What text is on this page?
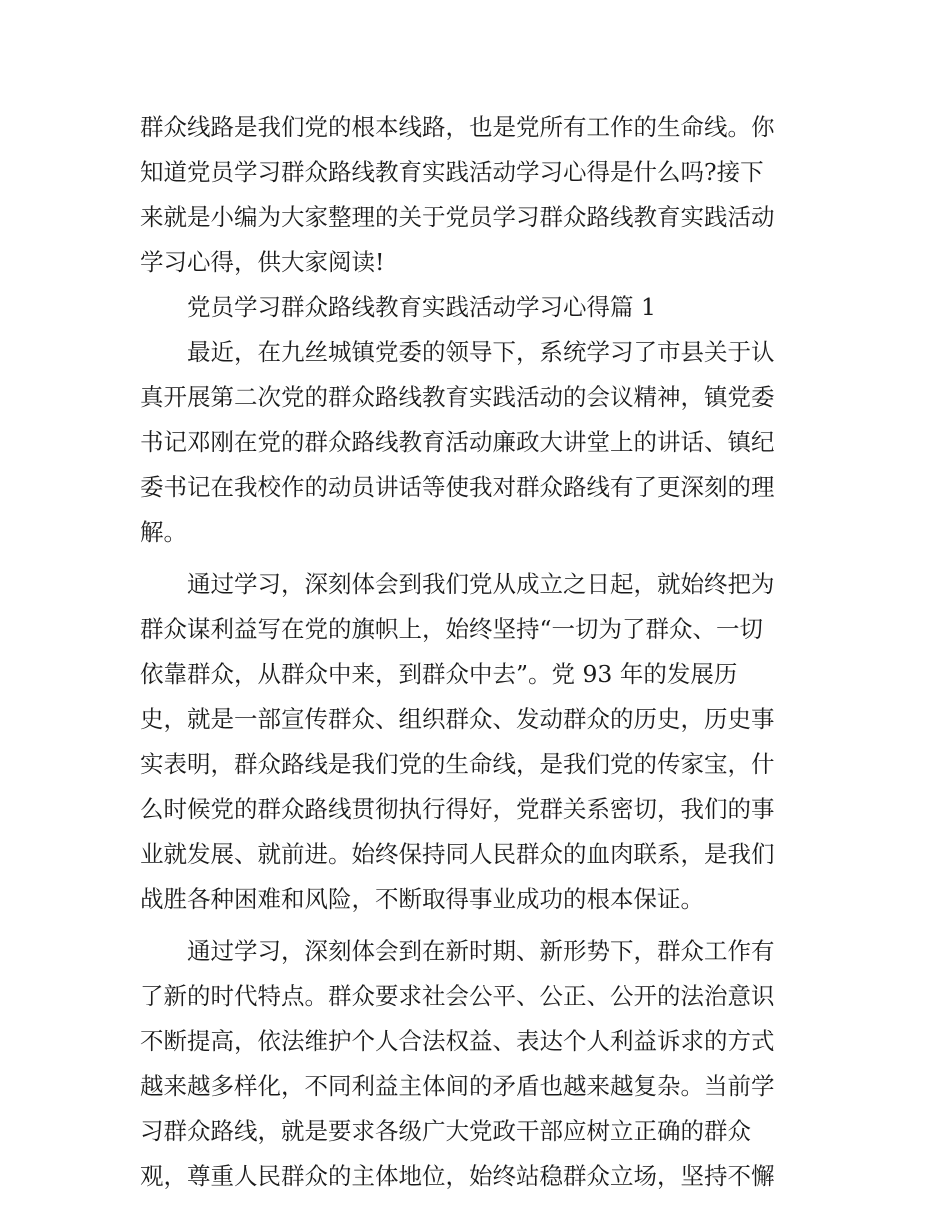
群众线路是我们党的根本线路，也是党所有工作的生命线。你
知道党员学习群众路线教育实践活动学习心得是什么吗?接下
来就是小编为大家整理的关于党员学习群众路线教育实践活动
学习心得，供大家阅读!
党员学习群众路线教育实践活动学习心得篇 1
最近，在九丝城镇党委的领导下，系统学习了市县关于认
真开展第二次党的群众路线教育实践活动的会议精神，镇党委
书记邓刚在党的群众路线教育活动廉政大讲堂上的讲话、镇纪
委书记在我校作的动员讲话等使我对群众路线有了更深刻的理
解。
通过学习，深刻体会到我们党从成立之日起，就始终把为
群众谋利益写在党的旗帜上，始终坚持“一切为了群众、一切
依靠群众，从群众中来，到群众中去”。党 93 年的发展历
史，就是一部宣传群众、组织群众、发动群众的历史，历史事
实表明，群众路线是我们党的生命线，是我们党的传家宝，什
么时候党的群众路线贯彻执行得好，党群关系密切，我们的事
业就发展、就前进。始终保持同人民群众的血肉联系，是我们
战胜各种困难和风险，不断取得事业成功的根本保证。
通过学习，深刻体会到在新时期、新形势下，群众工作有
了新的时代特点。群众要求社会公平、公正、公开的法治意识
不断提高，依法维护个人合法权益、表达个人利益诉求的方式
越来越多样化，不同利益主体间的矛盾也越来越复杂。当前学
习群众路线，就是要求各级广大党政干部应树立正确的群众
观，尊重人民群众的主体地位，始终站稳群众立场，坚持不懈
